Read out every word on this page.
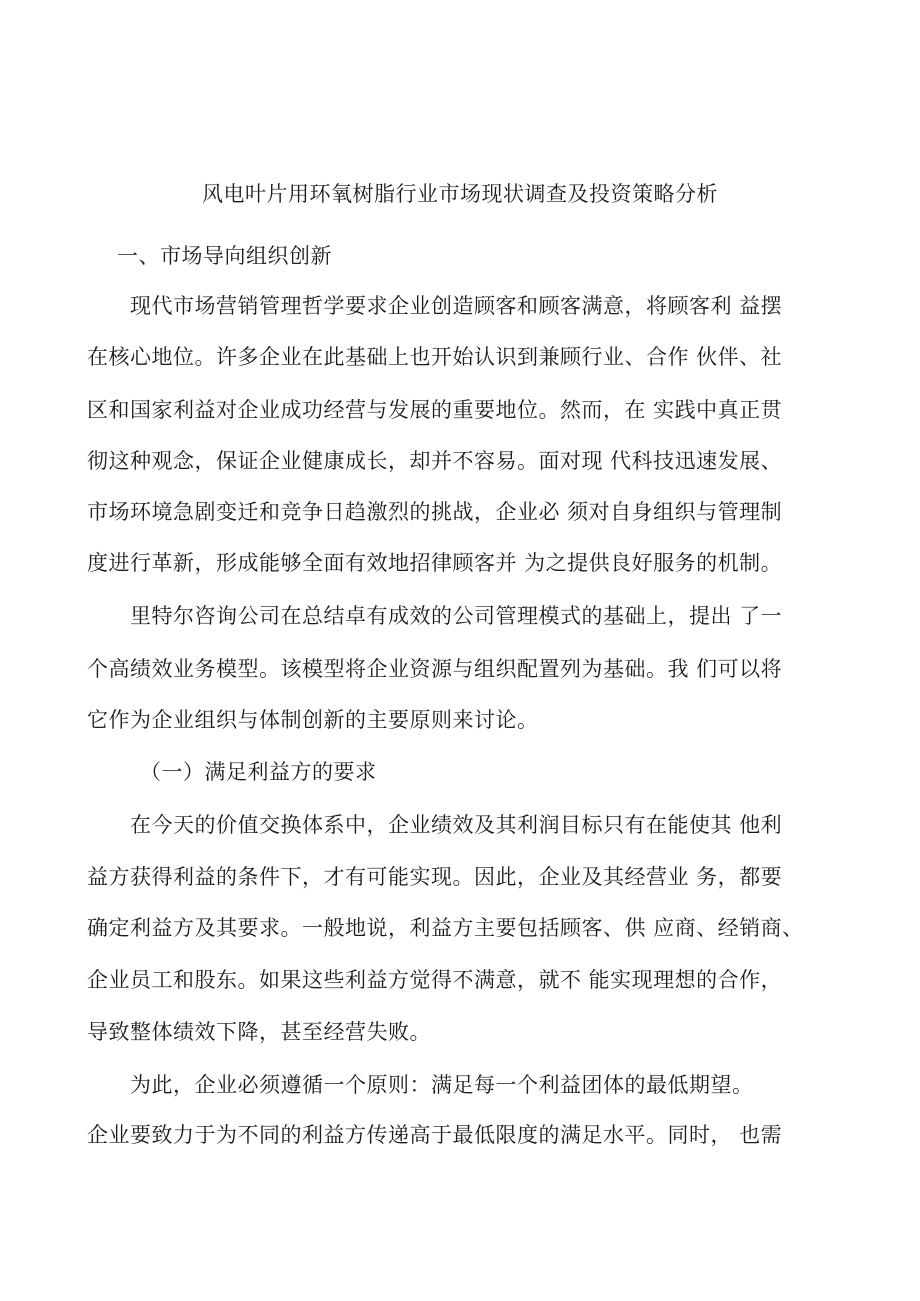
风电叶片用环氧树脂行业市场现状调查及投资策略分析
一、市场导向组织创新
现代市场营销管理哲学要求企业创造顾客和顾客满意，将顾客利 益摆
在核心地位。许多企业在此基础上也开始认识到兼顾行业、合作 伙伴、社
区和国家利益对企业成功经营与发展的重要地位。然而，在 实践中真正贯
彻这种观念，保证企业健康成长，却并不容易。面对现 代科技迅速发展、
市场环境急剧变迁和竞争日趋激烈的挑战，企业必 须对自身组织与管理制
度进行革新，形成能够全面有效地招律顾客并 为之提供良好服务的机制。
里特尔咨询公司在总结卓有成效的公司管理模式的基础上，提出 了一
个高绩效业务模型。该模型将企业资源与组织配置列为基础。我 们可以将
它作为企业组织与体制创新的主要原则来讨论。
（一）满足利益方的要求
在今天的价值交换体系中，企业绩效及其利润目标只有在能使其 他利
益方获得利益的条件下，才有可能实现。因此，企业及其经营业 务，都要
确定利益方及其要求。一般地说，利益方主要包括顾客、供 应商、经销商、
企业员工和股东。如果这些利益方觉得不满意，就不 能实现理想的合作，
导致整体绩效下降，甚至经营失败。
为此，企业必须遵循一个原则：满足每一个利益团体的最低期望。
企业要致力于为不同的利益方传递高于最低限度的满足水平。同时， 也需
